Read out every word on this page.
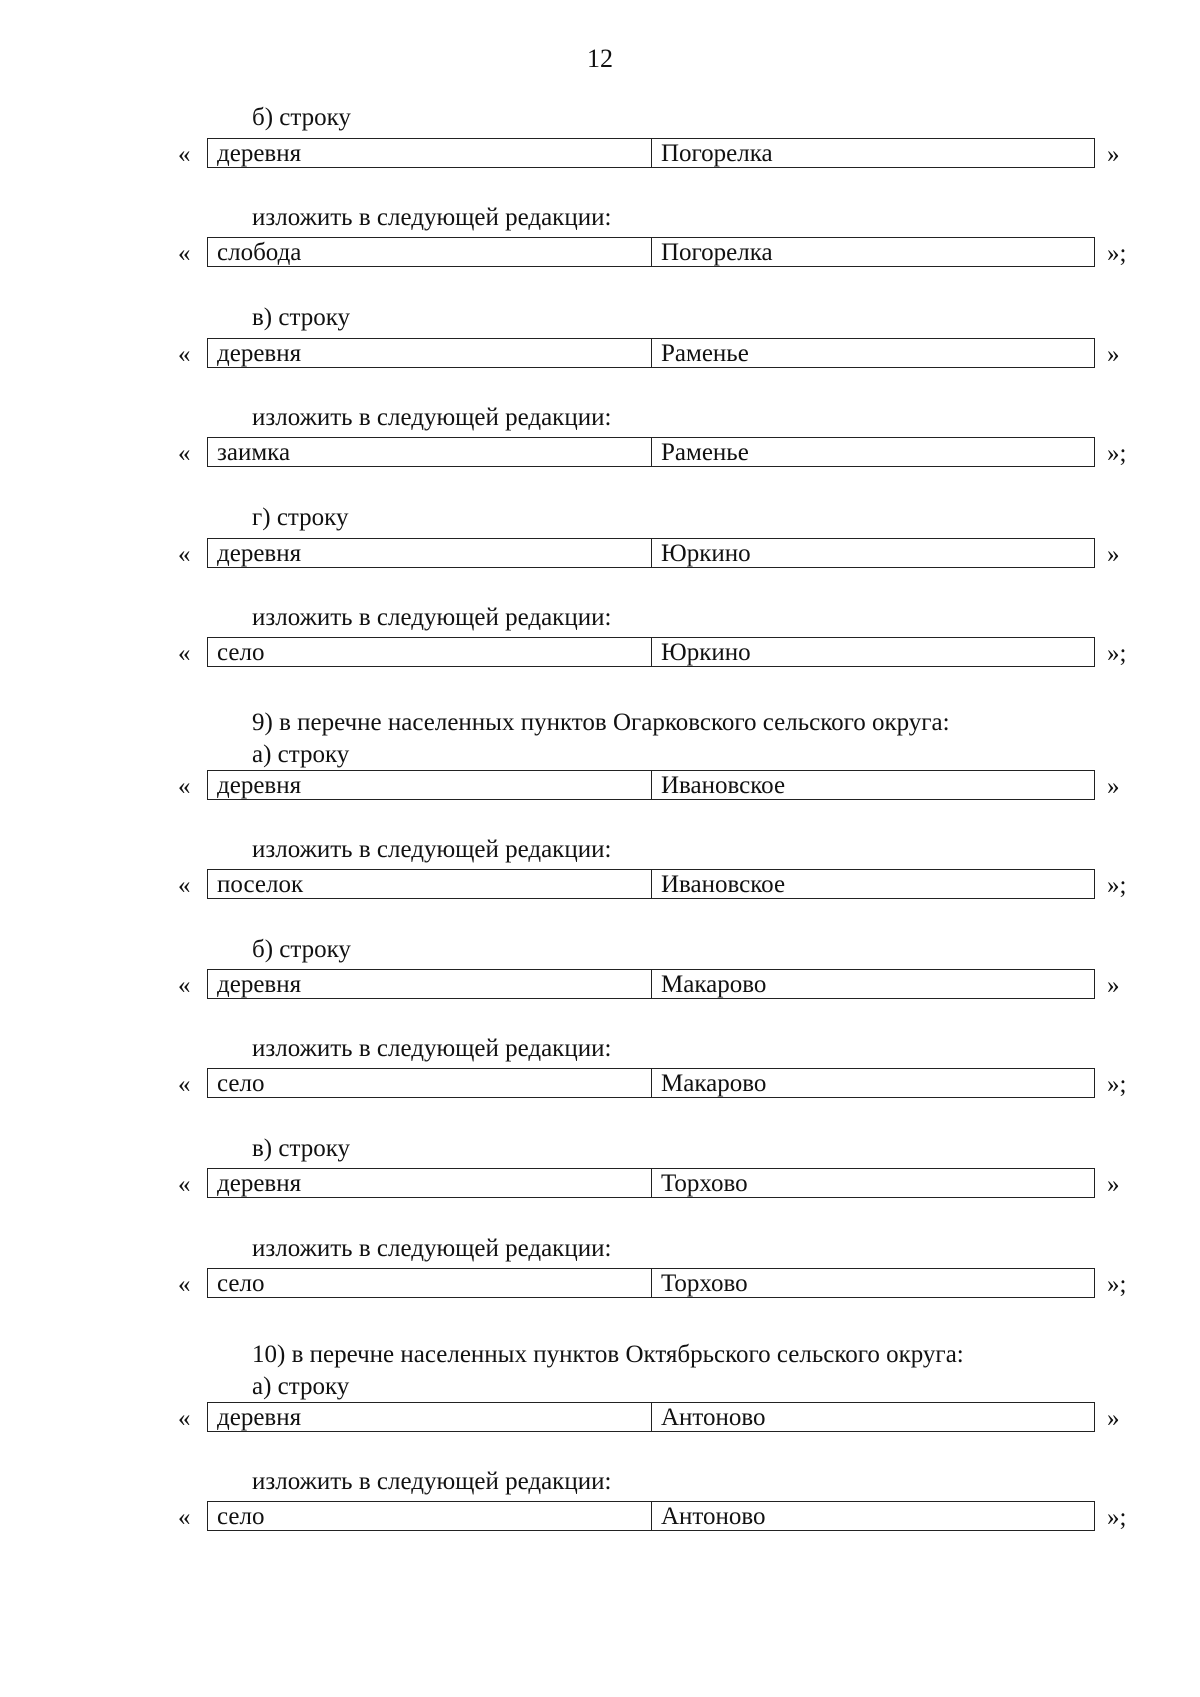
12
б) строку
«	деревня	Погорелка	»
изложить в следующей редакции:
«	слобода	Погорелка	»;
в) строку
«	деревня	Раменье	»
изложить в следующей редакции:
«	заимка	Раменье	»;
г) строку
«	деревня	Юркино	»
изложить в следующей редакции:
«	село	Юркино	»;
9) в перечне населенных пунктов Огарковского сельского округа:
а) строку
«	деревня	Ивановское	»
изложить в следующей редакции:
«	поселок	Ивановское	»;
б) строку
«	деревня	Макарово	»
изложить в следующей редакции:
«	село	Макарово	»;
в) строку
«	деревня	Торхово	»
изложить в следующей редакции:
«	село	Торхово	»;
10) в перечне населенных пунктов Октябрьского сельского округа:
а) строку
«	деревня	Антоново	»
изложить в следующей редакции:
«	село	Антоново	»;
